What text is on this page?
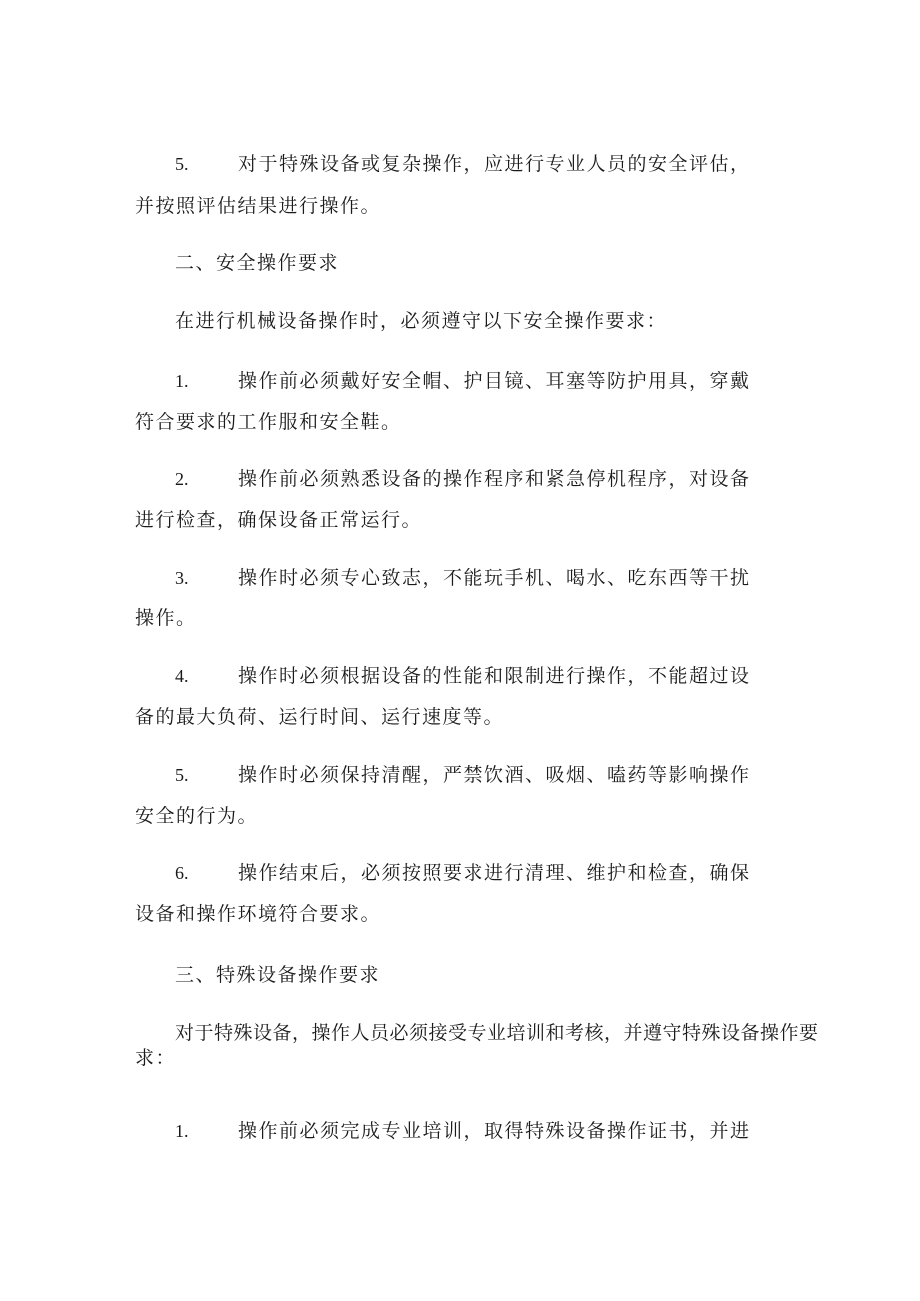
5.	对于特殊设备或复杂操作，应进行专业人员的安全评估，
并按照评估结果进行操作。
二、安全操作要求
在进行机械设备操作时，必须遵守以下安全操作要求：
1.	操作前必须戴好安全帽、护目镜、耳塞等防护用具，穿戴
符合要求的工作服和安全鞋。
2.	操作前必须熟悉设备的操作程序和紧急停机程序，对设备
进行检查，确保设备正常运行。
3.	操作时必须专心致志，不能玩手机、喝水、吃东西等干扰
操作。
4.	操作时必须根据设备的性能和限制进行操作，不能超过设
备的最大负荷、运行时间、运行速度等。
5.	操作时必须保持清醒，严禁饮酒、吸烟、嗑药等影响操作
安全的行为。
6.	操作结束后，必须按照要求进行清理、维护和检查，确保
设备和操作环境符合要求。
三、特殊设备操作要求
对于特殊设备，操作人员必须接受专业培训和考核，并遵守特殊设备操作要
求：
1.	操作前必须完成专业培训，取得特殊设备操作证书，并进
